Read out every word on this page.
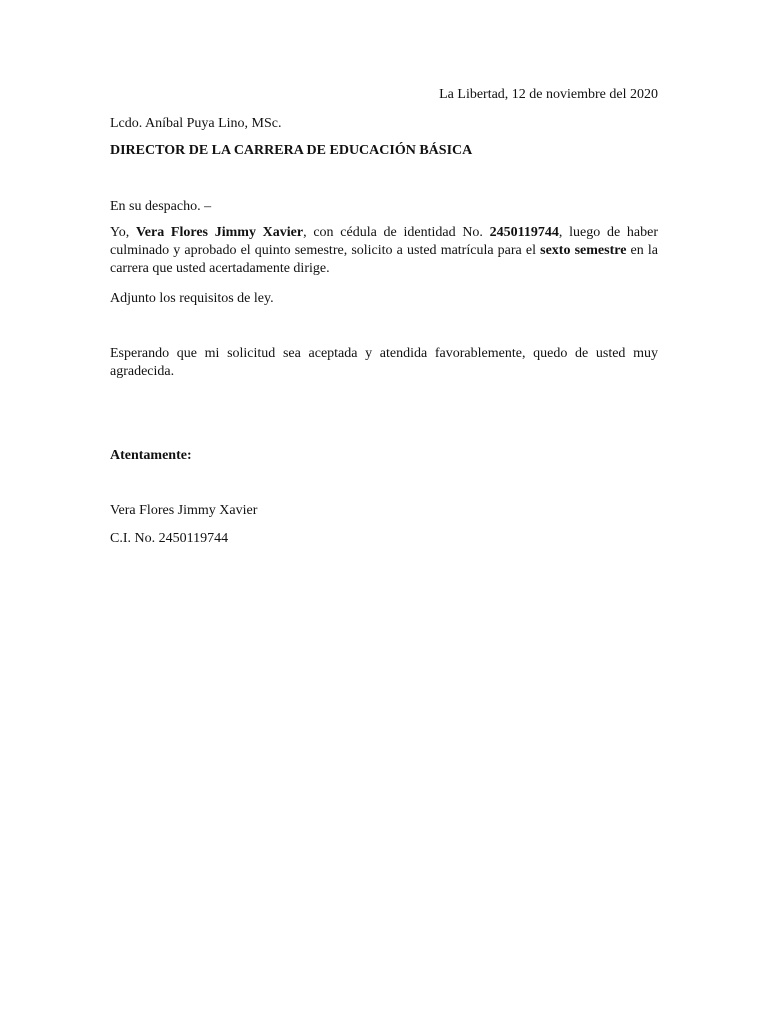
La Libertad, 12 de noviembre del 2020
Lcdo. Aníbal Puya Lino, MSc.
DIRECTOR DE LA CARRERA DE EDUCACIÓN BÁSICA
En su despacho. –
Yo, Vera Flores Jimmy Xavier, con cédula de identidad No. 2450119744, luego de haber culminado y aprobado el quinto semestre, solicito a usted matrícula para el sexto semestre en la carrera que usted acertadamente dirige.
Adjunto los requisitos de ley.
Esperando que mi solicitud sea aceptada y atendida favorablemente, quedo de usted muy agradecida.
Atentamente:
Vera Flores Jimmy Xavier
C.I. No. 2450119744
